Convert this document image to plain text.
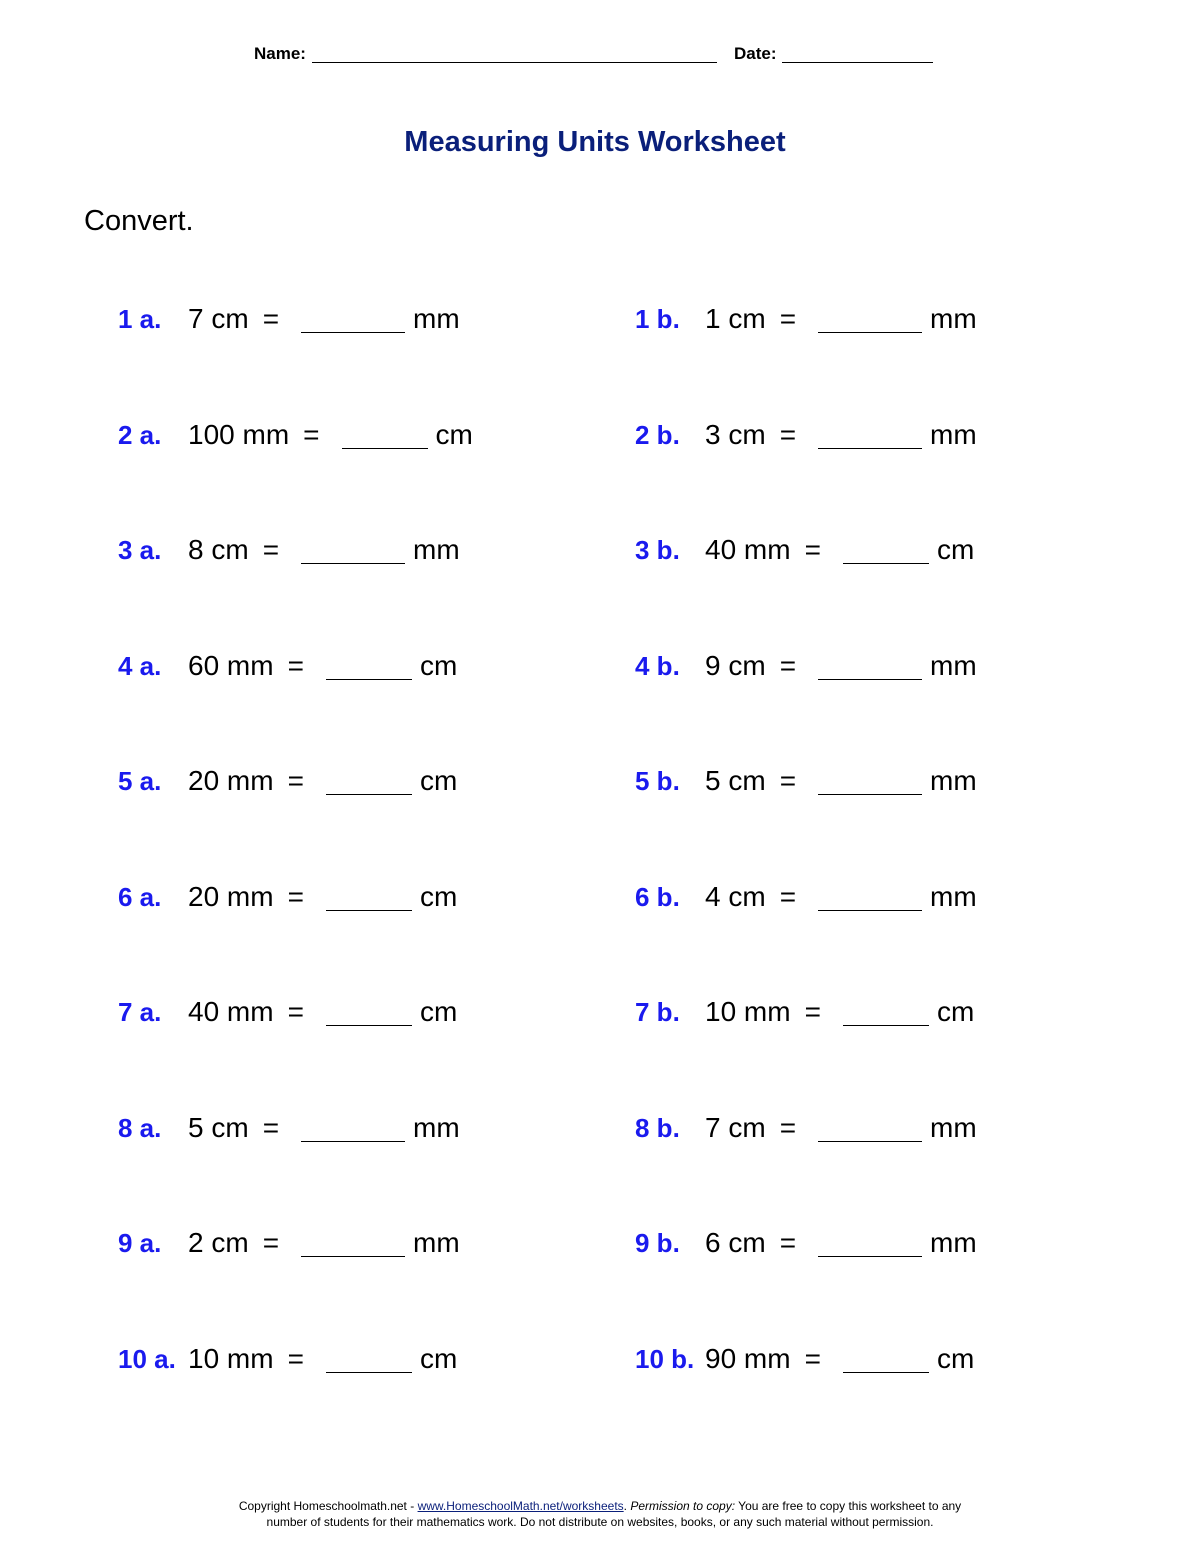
Name:	Date:
Measuring Units Worksheet
Convert.
1 a. 7 cm =	mm
2 a. 100 mm =	cm
3 a. 8 cm =	mm
4 a. 60 mm =	cm
5 a. 20 mm =	cm
6 a. 20 mm =	cm
7 a. 40 mm =	cm
8 a. 5 cm =	mm
9 a. 2 cm =	mm
10 a. 10 mm =	cm
1 b. 1 cm =	mm
2 b. 3 cm =	mm
3 b. 40 mm =	cm
4 b. 9 cm =	mm
5 b. 5 cm =	mm
6 b. 4 cm =	mm
7 b. 10 mm =	cm
8 b. 7 cm =	mm
9 b. 6 cm =	mm
10 b. 90 mm =	cm
Copyright Homeschoolmath.net - www.HomeschoolMath.net/worksheets. Permission to copy: You are free to copy this worksheet to any
number of students for their mathematics work. Do not distribute on websites, books, or any such material without permission.
